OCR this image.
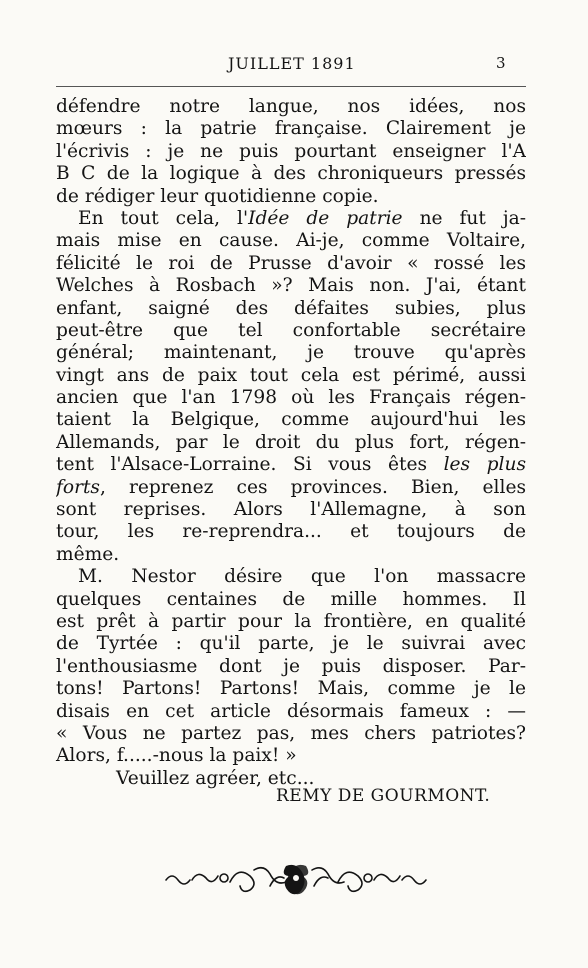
JUILLET 1891	3
défendre notre langue, nos idées, nos
mœurs : la patrie française. Clairement je
l'écrivis : je ne puis pourtant enseigner l'A
B C de la logique à des chroniqueurs pressés
de rédiger leur quotidienne copie.
En tout cela, l'Idée de patrie ne fut ja-
mais mise en cause. Ai-je, comme Voltaire,
félicité le roi de Prusse d'avoir « rossé les
Welches à Rosbach »? Mais non. J'ai, étant
enfant, saigné des défaites subies, plus
peut-être que tel confortable secrétaire
général; maintenant, je trouve qu'après
vingt ans de paix tout cela est périmé, aussi
ancien que l'an 1798 où les Français régen-
taient la Belgique, comme aujourd'hui les
Allemands, par le droit du plus fort, régen-
tent l'Alsace-Lorraine. Si vous êtes les plus
forts, reprenez ces provinces. Bien, elles
sont reprises. Alors l'Allemagne, à son
tour, les re-reprendra... et toujours de
même.
M. Nestor désire que l'on massacre
quelques centaines de mille hommes. Il
est prêt à partir pour la frontière, en qualité
de Tyrtée : qu'il parte, je le suivrai avec
l'enthousiasme dont je puis disposer. Par-
tons! Partons! Partons! Mais, comme je le
disais en cet article désormais fameux : —
« Vous ne partez pas, mes chers patriotes?
Alors, f.....-nous la paix! »
Veuillez agréer, etc...
REMY DE GOURMONT.
